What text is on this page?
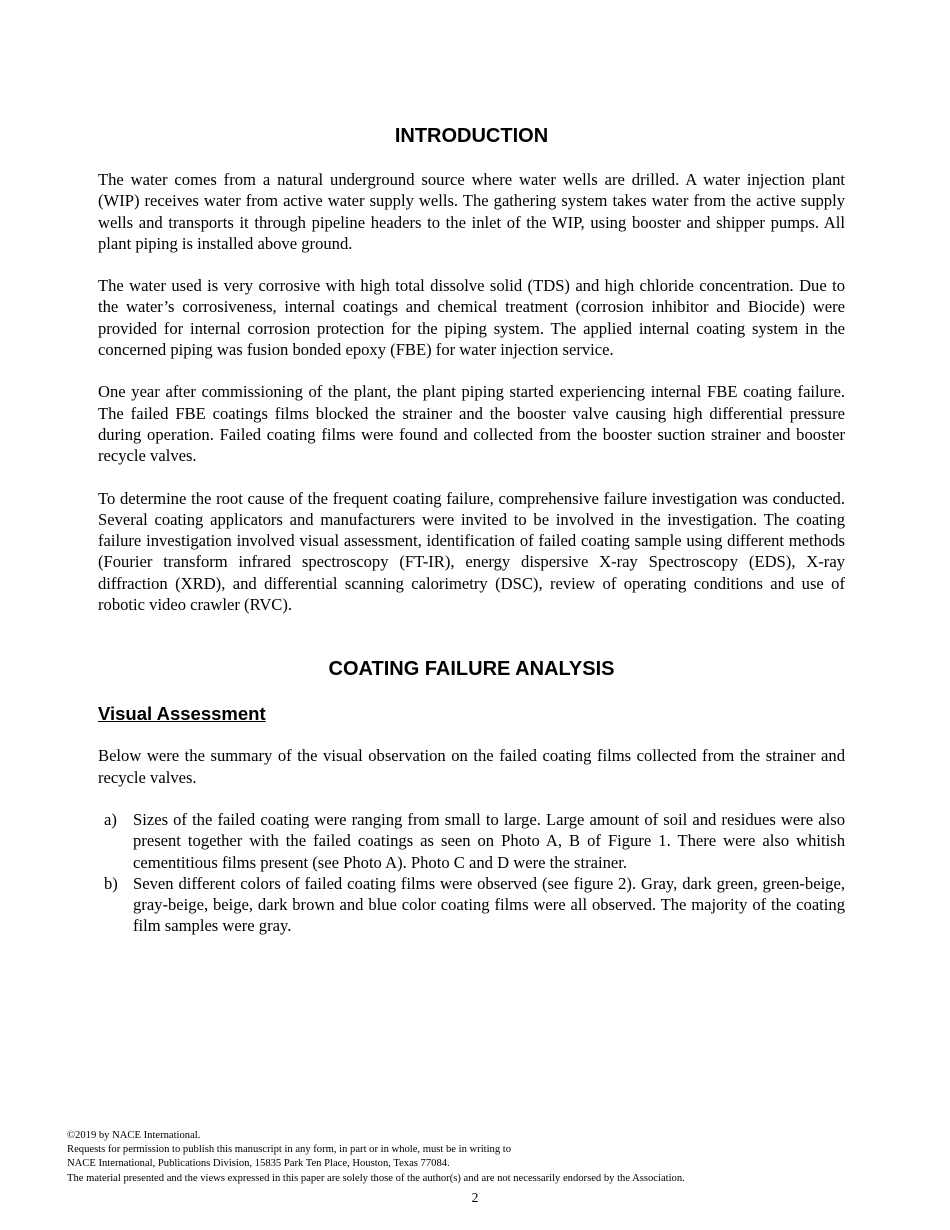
INTRODUCTION

The water comes from a natural underground source where water wells are drilled. A water injection plant (WIP) receives water from active water supply wells. The gathering system takes water from the active supply wells and transports it through pipeline headers to the inlet of the WIP, using booster and shipper pumps. All plant piping is installed above ground.

The water used is very corrosive with high total dissolve solid (TDS) and high chloride concentration. Due to the water’s corrosiveness, internal coatings and chemical treatment (corrosion inhibitor and Biocide) were provided for internal corrosion protection for the piping system. The applied internal coating system in the concerned piping was fusion bonded epoxy (FBE) for water injection service.

One year after commissioning of the plant, the plant piping started experiencing internal FBE coating failure. The failed FBE coatings films blocked the strainer and the booster valve causing high differential pressure during operation. Failed coating films were found and collected from the booster suction strainer and booster recycle valves.

To determine the root cause of the frequent coating failure, comprehensive failure investigation was conducted. Several coating applicators and manufacturers were invited to be involved in the investigation. The coating failure investigation involved visual assessment, identification of failed coating sample using different methods (Fourier transform infrared spectroscopy (FT-IR), energy dispersive X-ray Spectroscopy (EDS), X-ray diffraction (XRD), and differential scanning calorimetry (DSC), review of operating conditions and use of robotic video crawler (RVC).

COATING FAILURE ANALYSIS
Visual Assessment

Below were the summary of the visual observation on the failed coating films collected from the strainer and recycle valves.

a) Sizes of the failed coating were ranging from small to large. Large amount of soil and residues were also present together with the failed coatings as seen on Photo A, B of Figure 1. There were also whitish cementitious films present (see Photo A). Photo C and D were the strainer.
b) Seven different colors of failed coating films were observed (see figure 2). Gray, dark green, green-beige, gray-beige, beige, dark brown and blue color coating films were all observed. The majority of the coating film samples were gray.
©2019 by NACE International.
Requests for permission to publish this manuscript in any form, in part or in whole, must be in writing to
NACE International, Publications Division, 15835 Park Ten Place, Houston, Texas 77084.
The material presented and the views expressed in this paper are solely those of the author(s) and are not necessarily endorsed by the Association.
2
